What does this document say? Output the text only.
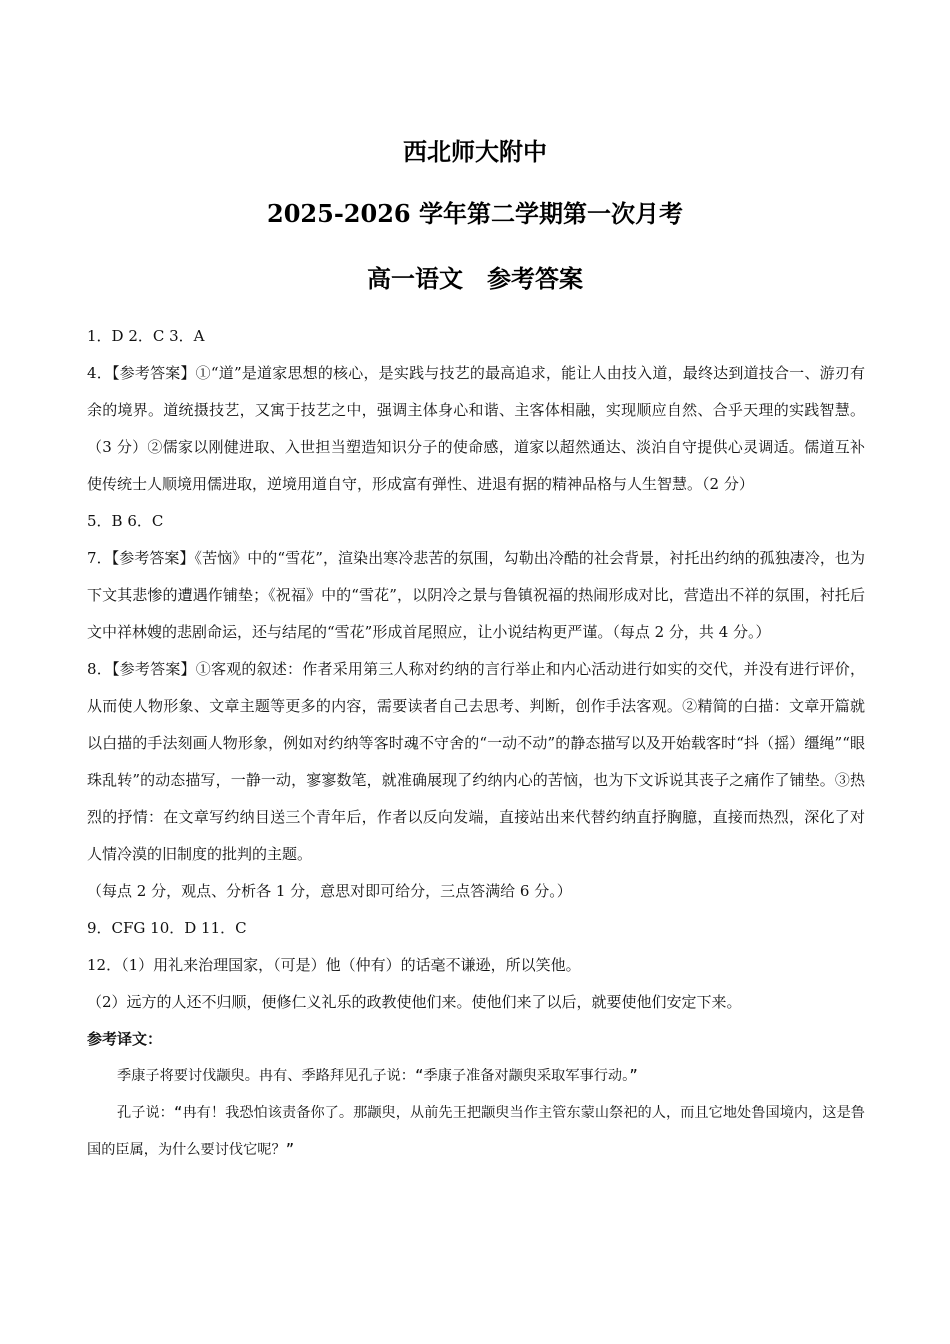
西北师大附中
2025-2026 学年第二学期第一次月考
高一语文　参考答案

1．D 2．C 3．A

4．【参考答案】①“道”是道家思想的核心，是实践与技艺的最高追求，能让人由技入道，最终达到道技合一、游刃有余的境界。道统摄技艺，又寓于技艺之中，强调主体身心和谐、主客体相融，实现顺应自然、合乎天理的实践智慧。（3 分）②儒家以刚健进取、入世担当塑造知识分子的使命感，道家以超然通达、淡泊自守提供心灵调适。儒道互补使传统士人顺境用儒进取，逆境用道自守，形成富有弹性、进退有据的精神品格与人生智慧。（2 分）

5．B 6．C

7．【参考答案】《苦恼》中的“雪花”，渲染出寒冷悲苦的氛围，勾勒出冷酷的社会背景，衬托出约纳的孤独凄冷，也为下文其悲惨的遭遇作铺垫；《祝福》中的“雪花”，以阴冷之景与鲁镇祝福的热闹形成对比，营造出不祥的氛围，衬托后文中祥林嫂的悲剧命运，还与结尾的“雪花”形成首尾照应，让小说结构更严谨。（每点 2 分，共 4 分。）

8．【参考答案】①客观的叙述：作者采用第三人称对约纳的言行举止和内心活动进行如实的交代，并没有进行评价，从而使人物形象、文章主题等更多的内容，需要读者自己去思考、判断，创作手法客观。②精简的白描：文章开篇就以白描的手法刻画人物形象，例如对约纳等客时魂不守舍的“一动不动”的静态描写以及开始载客时“抖（摇）缰绳”“眼珠乱转”的动态描写，一静一动，寥寥数笔，就准确展现了约纳内心的苦恼，也为下文诉说其丧子之痛作了铺垫。③热烈的抒情：在文章写约纳目送三个青年后，作者以反向发端，直接站出来代替约纳直抒胸臆，直接而热烈，深化了对人情冷漠的旧制度的批判的主题。

（每点 2 分，观点、分析各 1 分，意思对即可给分，三点答满给 6 分。）

9．CFG 10．D 11．C

12．（1）用礼来治理国家，（可是）他（仲有）的话毫不谦逊，所以笑他。

（2）远方的人还不归顺，便修仁义礼乐的政教使他们来。使他们来了以后，就要使他们安定下来。

参考译文：

季康子将要讨伐颛臾。冉有、季路拜见孔子说：“季康子准备对颛臾采取军事行动。”

孔子说：“冉有！我恐怕该责备你了。那颛臾，从前先王把颛臾当作主管东蒙山祭祀的人，而且它地处鲁国境内，这是鲁国的臣属，为什么要讨伐它呢？”
